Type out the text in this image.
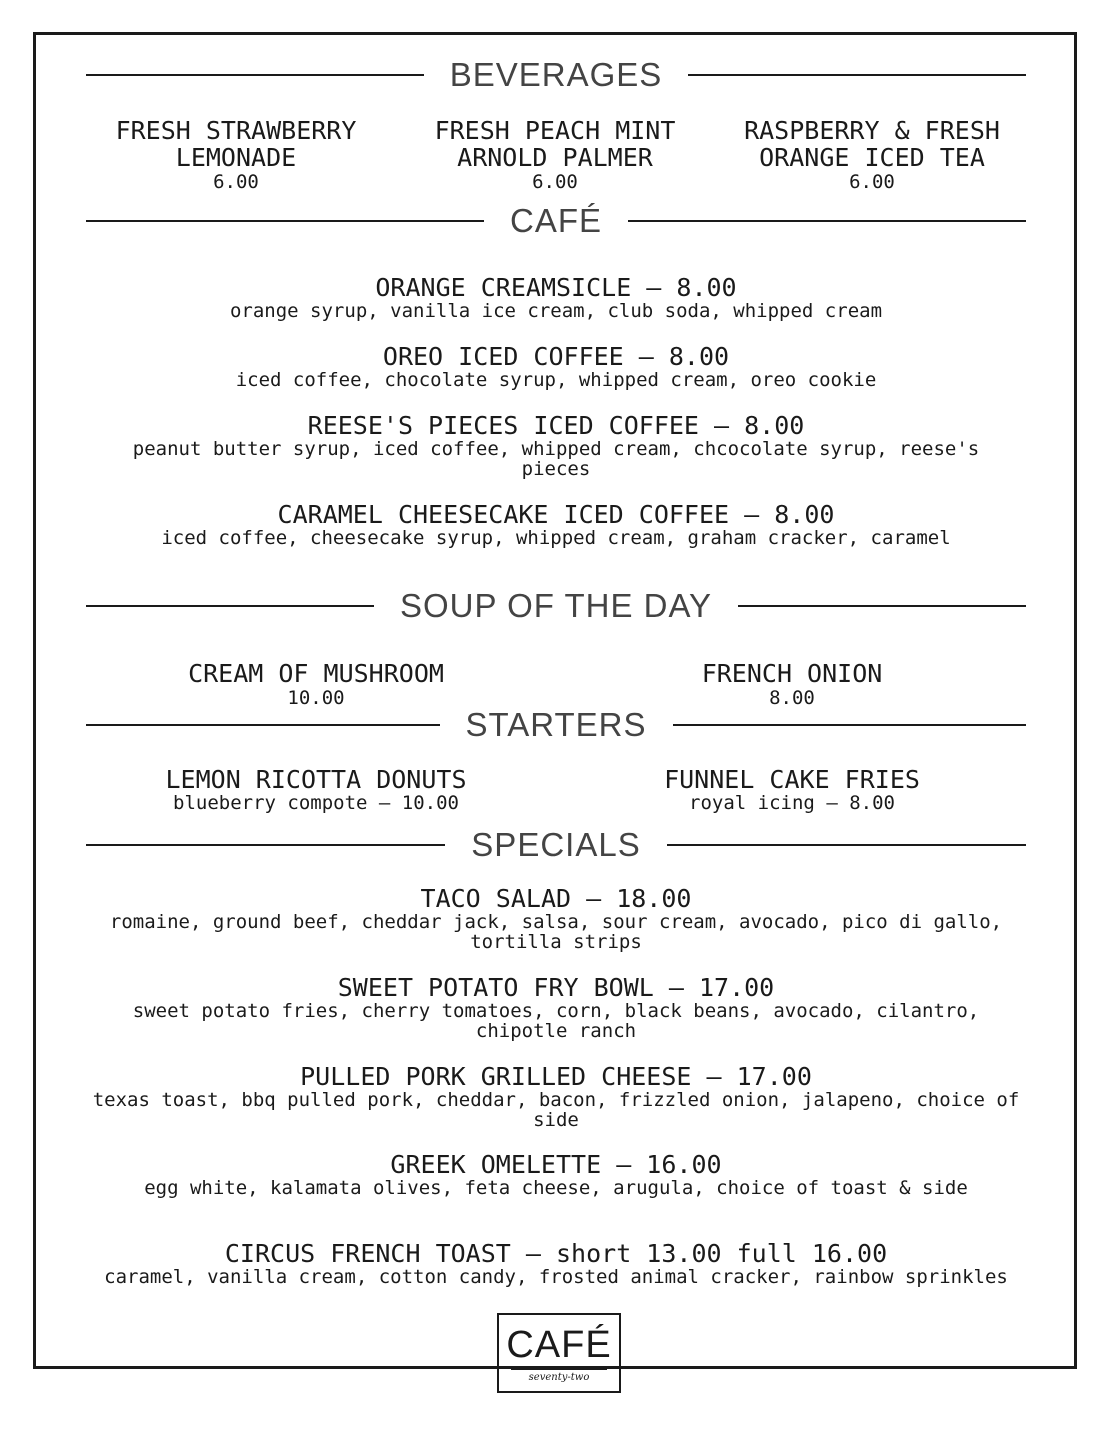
BEVERAGES
FRESH STRAWBERRY LEMONADE
6.00
FRESH PEACH MINT ARNOLD PALMER
6.00
RASPBERRY & FRESH ORANGE ICED TEA
6.00
CAFÉ
ORANGE CREAMSICLE – 8.00
orange syrup, vanilla ice cream, club soda, whipped cream
OREO ICED COFFEE – 8.00
iced coffee, chocolate syrup, whipped cream, oreo cookie
REESE'S PIECES ICED COFFEE – 8.00
peanut butter syrup, iced coffee, whipped cream, chcocolate syrup, reese's pieces
CARAMEL CHEESECAKE ICED COFFEE – 8.00
iced coffee, cheesecake syrup, whipped cream, graham cracker, caramel
SOUP OF THE DAY
CREAM OF MUSHROOM
10.00
FRENCH ONION
8.00
STARTERS
LEMON RICOTTA DONUTS
blueberry compote – 10.00
FUNNEL CAKE FRIES
royal icing – 8.00
SPECIALS
TACO SALAD – 18.00
romaine, ground beef, cheddar jack, salsa, sour cream, avocado, pico di gallo, tortilla strips
SWEET POTATO FRY BOWL – 17.00
sweet potato fries, cherry tomatoes, corn, black beans, avocado, cilantro, chipotle ranch
PULLED PORK GRILLED CHEESE – 17.00
texas toast, bbq pulled pork, cheddar, bacon, frizzled onion, jalapeno, choice of side
GREEK OMELETTE – 16.00
egg white, kalamata olives, feta cheese, arugula, choice of toast & side
CIRCUS FRENCH TOAST – short 13.00 full 16.00
caramel, vanilla cream, cotton candy, frosted animal cracker, rainbow sprinkles
CAFÉ
seventy-two
